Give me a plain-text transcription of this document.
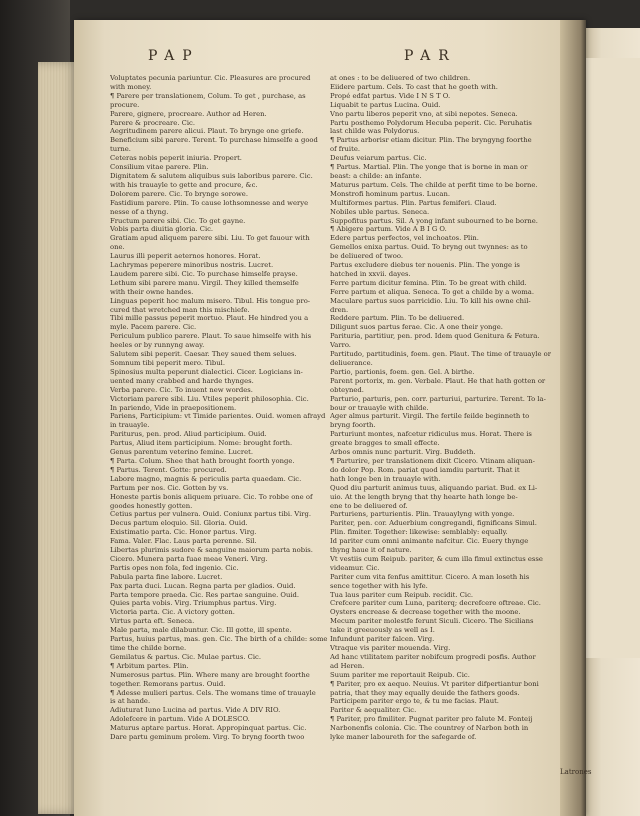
PAP	PAR
Voluptates pecunia pariuntur. Cic. Pleasures are procured
with money.
¶ Parere per translationem, Colum. To get , purchase, as
procure.
Parere, gignere, procreare. Author ad Heren.
Parere & procreare. Cic.
Aegritudinem parere alicui. Plaut. To brynge one griefe.
Beneficium sibi parere. Terent. To purchase himselfe a good
turne.
Ceteras nobis peperit iniuria. Propert.
Consilium vitae parere. Plin.
Dignitatem & salutem aliquibus suis laboribus parere. Cic.
with his trauayle to gette and procure, &c.
Dolorem parere. Cic. To brynge sorowe.
Fastidium parere. Plin. To cause lothsomnesse and werye
nesse of a thyng.
Fructum parere sibi. Cic. To get gayne.
Vobis parta diuitia gloria. Cic.
Gratiam apud aliquem parere sibi. Liu. To get fauour with
one.
Laurus illi peperit aeternos honores. Horat.
Lachrymas peperere minoribus nostris. Lucret.
Laudem parere sibi. Cic. To purchase himselfe prayse.
Lethum sibi parere manu. Virgil. They killed themselfe
with their owne handes.
Linguas peperit hoc malum misero. Tibul. His tongue pro-
cured that wretched man this mischiefe.
Tibi mille passus peperit mortuo. Plaut. He hindred you a
myle. Pacem parere. Cic.
Periculum publico parere. Plaut. To saue himselfe with his
heeles or by runnyng away.
Salutem sibi peperit. Caesar. They saued them selues.
Somnum tibi peperit mero. Tibul.
Spinosius multa peperunt dialectici. Cicer. Logicians in-
uented many crabbed and harde thynges.
Verba parere. Cic. To inuent new wordes.
Victoriam parere sibi. Liu. Vtiles peperit philosophia. Cic.
In pariendo, Vide in praepositionem.
Pariens, Participium: vt Timide parientes. Ouid. women afrayd
in trauayle.
Pariturus, pen. prod. Aliud participium. Ouid.
Partus, Aliud item participium. Nome: brought forth.
Genus parentum veterino femine. Lucret.
¶ Parta. Colum. Shee that hath brought foorth yonge.
¶ Partus. Terent. Gotte: procured.
Labore magno, magnis & periculis parta quaedam. Cic.
Partum per nos. Cic. Gotten by vs.
Honeste partis bonis aliquem priuare. Cic. To robbe one of
goodes honestly gotten.
Cetius partus per vulnera. Ouid. Coniunx partus tibi. Virg.
Decus partum eloquio. Sil. Gloria. Ouid.
Existimatio parta. Cic. Honor partus. Virg.
Fama. Valer. Flac. Laus parta perenne. Sil.
Libertas plurimis sudore & sanguine maiorum parta nobis.
Cicero. Munera parta fuae meae Veneri. Virg.
Partis opes non fola, fed ingenio. Cic.
Pabula parta fine labore. Lucret.
Pax parta duci. Lucan. Regna parta per gladios. Ouid.
Parta tempore praeda. Cic. Res partae sanguine. Ouid.
Quies parta vobis. Virg. Triumphus partus. Virg.
Victoria parta. Cic. A victory gotten.
Virtus parta eft. Seneca.
Male parta, male dilabuntur. Cic. Ill gotte, ill spente.
Partus, huius partus, mas. gen. Cic. The birth of a childe: some
time the childe borne.
Gemilatus & partus. Cic. Mulae partus. Cic.
¶ Arbitum partes. Plin.
Numerosus partus. Plin. Where many are brought foorthe
together. Remorans partus. Ouid.
¶ Adesse mulieri partus. Cels. The womans time of trauayle
is at hande.
Adiuturat Iuno Lucina ad partus. Vide A DIV RIO.
Adolefcere in partum. Vide A DOLESCO.
Maturus aptare partus. Horat. Appropinquat partus. Cic.
Dare partu geminum prolem. Virg. To bryng foorth twoo
at ones : to be deliuered of two children.
Eiidere partum. Cels. To cast that he goeth with.
Propé edfat partus. Vide I N S T O.
Liquabit te partus Lucina. Ouid.
Vno partu liberos peperit vno, at sibi nepotes. Seneca.
Partu posthemo Polydorum Hecuba peperit. Cic. Peruhatis
last childe was Polydorus.
¶ Partus arborisr etiam dicitur. Plin. The bryngyng foorthe
of fruite.
Deufus veiarum partus. Cic.
¶ Partus. Martial. Plin. The yonge that is borne in man or
beast: a childe: an infante.
Maturus partum. Cels. The childe at perfit time to be borne.
Monstrofi hominum partus. Lucan.
Multiformes partus. Plin. Partus femiferi. Claud.
Nobiles uble partus. Seneca.
Suppofitus partus. Sil. A yong infant subourned to be borne.
¶ Abigere partum. Vide A B I G O.
Edere partus perfectos, vel inchoatos. Plin.
Gemellos enixa partus. Ouid. To bryng out twynnes: as to
be deliuered of twoo.
Partus excludere diebus ter nouenis. Plin. The yonge is
hatched in xxvii. dayes.
Ferre partum dicitur femina. Plin. To be great with child.
Ferre partum et aliqua. Seneca. To get a childe by a woma.
Maculare partus suos parricidio. Liu. To kill his owne chil-
dren.
Reddere partum. Plin. To be deliuered.
Diligunt suos partus ferae. Cic. A one their yonge.
Parituria, partitiur, pen. prod. Idem quod Genitura & Fetura.
Varro.
Partitudo, partitudinis, foem. gen. Plaut. The time of trauayle or
deliuerance.
Partio, partionis, foem. gen. Gel. A birthe.
Parent portorix, m. gen. Verbale. Plaut. He that hath gotten or
obteyned.
Parturio, parturis, pen. corr. parturiui, parturire. Terent. To la-
bour or trauayle with childe.
Ager almus parturit. Virgil. The fertile feilde beginneth to
bryng foorth.
Parturiunt montes, nafcetur ridiculus mus. Horat. There is
greate bragges to small effecte.
Arbos omnis nunc parturit. Virg. Buddeth.
¶ Parturire, per translationem dixit Cicero. Vtinam aliquan-
do dolor Pop. Rom. pariat quod iamdiu parturit. That it
hath longe ben in trauayle with.
Quod diu parturit animus tuus, aliquando pariat. Bud. ex Li-
uio. At the length bryng that thy hearte hath longe be-
ene to be deliuered of.
Parturiens, parturientis. Plin. Trauaylyng with yonge.
Pariter, pen. cor. Aduerbium congregandi, fignificans Simul.
Plin. fimiter. Together: likewise: semblably: equally.
Id pariter cum omni animante nafcitur. Cic. Euery thynge
thyng haue it of nature.
Vt vestiis cum Reipub. pariter, & cum illa fimul extinctus esse
videamur. Cic.
Pariter cum vita fenfus amittitur. Cicero. A man loseth his
sence together with his lyfe.
Tua laus pariter cum Reipub. recidit. Cic.
Crefcere pariter cum Luna, pariterq; decrefcere oftreae. Cic.
Oysters encrease & decrease together with the moone.
Mecum pariter molestfe ferunt Siculi. Cicero. The Sicilians
take it greeuously as well as I.
Infundunt pariter falcen. Virg.
Vtraque vis pariter mouenda. Virg.
Ad hanc vtilitatem pariter nobifcum progredi posfis. Author
ad Heren.
Suum pariter me reportauit Reipub. Cic.
¶ Pariter, pro ex aequo. Neuius. Vt pariter difpertiantur boni
patria, that they may equally deuide the fathers goods.
Participem pariter ergo te, & tu me facias. Plaut.
Pariter & aequaliter. Cic.
¶ Pariter, pro fimiliter. Pugnat pariter pro falute M. Fonteij
Narbonenfis colonia. Cic. The countrey of Narbon both in
lyke maner laboureth for the safegarde of.
Latrones
